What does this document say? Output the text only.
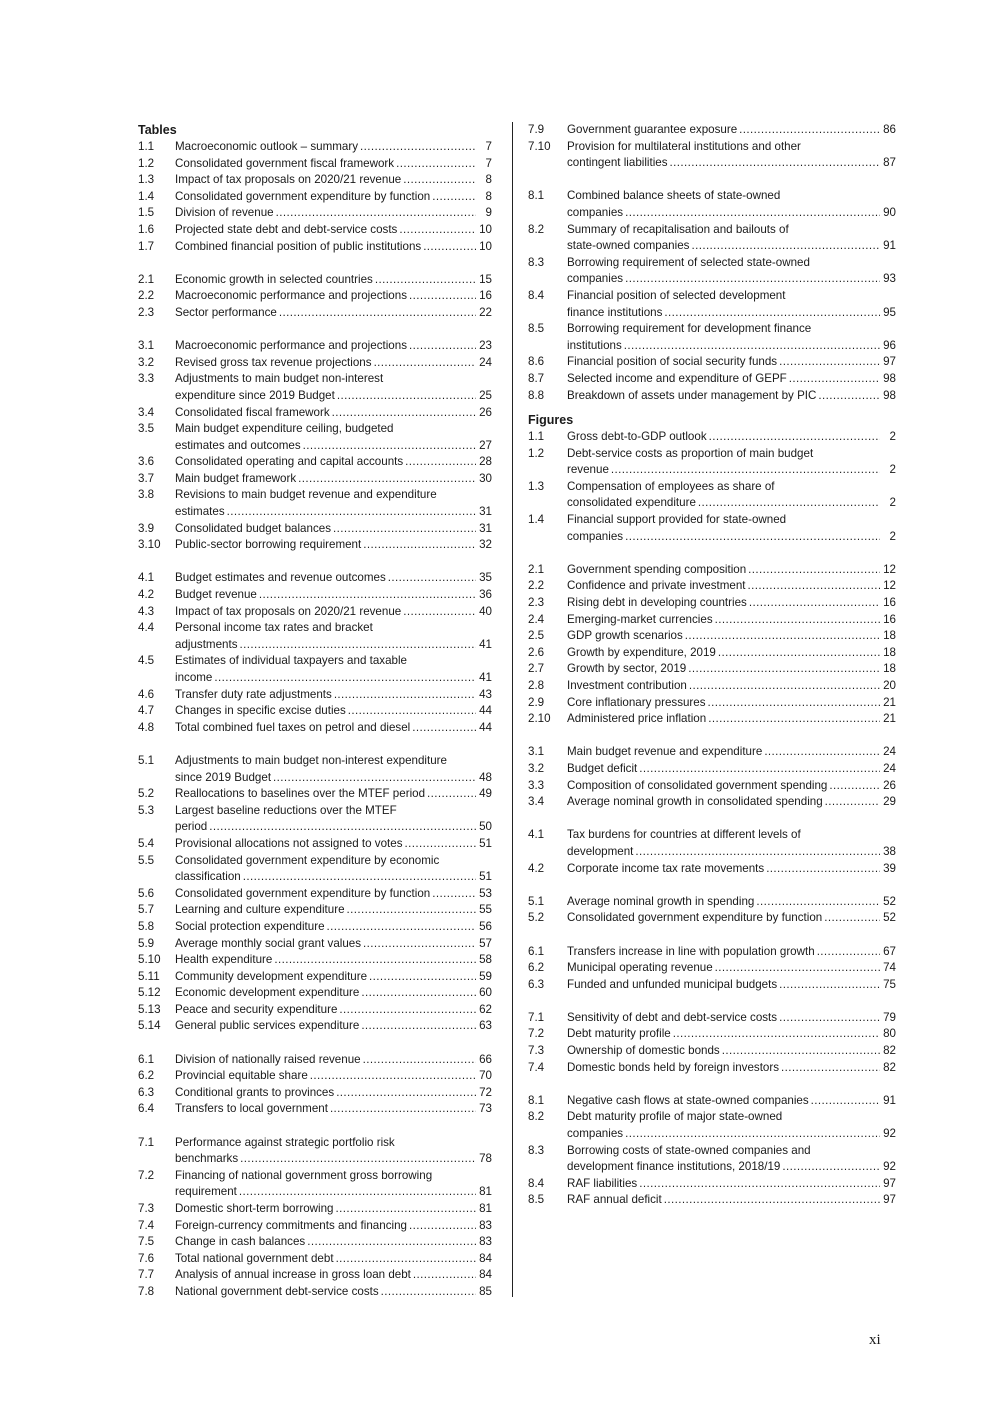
Tables
1.1	Macroeconomic outlook – summary .....	7
1.2	Consolidated government fiscal framework .....	7
1.3	Impact of tax proposals on 2020/21 revenue .....	8
1.4	Consolidated government expenditure by function .....	8
1.5	Division of revenue .....	9
1.6	Projected state debt and debt-service costs .....	10
1.7	Combined financial position of public institutions .....	10
2.1	Economic growth in selected countries .....	15
2.2	Macroeconomic performance and projections .....	16
2.3	Sector performance .....	22
3.1	Macroeconomic performance and projections .....	23
3.2	Revised gross tax revenue projections .....	24
3.3	Adjustments to main budget non-interest
expenditure since 2019 Budget .....	25
3.4	Consolidated fiscal framework .....	26
3.5	Main budget expenditure ceiling, budgeted
estimates and outcomes .....	27
3.6	Consolidated operating and capital accounts .....	28
3.7	Main budget framework .....	30
3.8	Revisions to main budget revenue and expenditure
estimates .....	31
3.9	Consolidated budget balances .....	31
3.10	Public-sector borrowing requirement .....	32
4.1	Budget estimates and revenue outcomes .....	35
4.2	Budget revenue .....	36
4.3	Impact of tax proposals on 2020/21 revenue .....	40
4.4	Personal income tax rates and bracket
adjustments .....	41
4.5	Estimates of individual taxpayers and taxable
income .....	41
4.6	Transfer duty rate adjustments .....	43
4.7	Changes in specific excise duties .....	44
4.8	Total combined fuel taxes on petrol and diesel .....	44
5.1	Adjustments to main budget non-interest expenditure
since 2019 Budget .....	48
5.2	Reallocations to baselines over the MTEF period .....	49
5.3	Largest baseline reductions over the MTEF
period .....	50
5.4	Provisional allocations not assigned to votes .....	51
5.5	Consolidated government expenditure by economic
classification .....	51
5.6	Consolidated government expenditure by function .....	53
5.7	Learning and culture expenditure .....	55
5.8	Social protection expenditure .....	56
5.9	Average monthly social grant values .....	57
5.10	Health expenditure .....	58
5.11	Community development expenditure .....	59
5.12	Economic development expenditure .....	60
5.13	Peace and security expenditure .....	62
5.14	General public services expenditure .....	63
6.1	Division of nationally raised revenue .....	66
6.2	Provincial equitable share .....	70
6.3	Conditional grants to provinces .....	72
6.4	Transfers to local government .....	73
7.1	Performance against strategic portfolio risk
benchmarks .....	78
7.2	Financing of national government gross borrowing
requirement .....	81
7.3	Domestic short-term borrowing .....	81
7.4	Foreign-currency commitments and financing .....	83
7.5	Change in cash balances .....	83
7.6	Total national government debt .....	84
7.7	Analysis of annual increase in gross loan debt .....	84
7.8	National government debt-service costs .....	85
7.9	Government guarantee exposure .....	86
7.10	Provision for multilateral institutions and other
contingent liabilities .....	87
8.1	Combined balance sheets of state-owned
companies .....	90
8.2	Summary of recapitalisation and bailouts of
state-owned companies .....	91
8.3	Borrowing requirement of selected state-owned
companies .....	93
8.4	Financial position of selected development
finance institutions .....	95
8.5	Borrowing requirement for development finance
institutions .....	96
8.6	Financial position of social security funds .....	97
8.7	Selected income and expenditure of GEPF .....	98
8.8	Breakdown of assets under management by PIC .....	98
Figures
1.1	Gross debt-to-GDP outlook .....	2
1.2	Debt-service costs as proportion of main budget
revenue .....	2
1.3	Compensation of employees as share of
consolidated expenditure .....	2
1.4	Financial support provided for state-owned
companies .....	2
2.1	Government spending composition .....	12
2.2	Confidence and private investment .....	12
2.3	Rising debt in developing countries .....	16
2.4	Emerging-market currencies .....	16
2.5	GDP growth scenarios .....	18
2.6	Growth by expenditure, 2019 .....	18
2.7	Growth by sector, 2019 .....	18
2.8	Investment contribution .....	20
2.9	Core inflationary pressures .....	21
2.10	Administered price inflation .....	21
3.1	Main budget revenue and expenditure .....	24
3.2	Budget deficit .....	24
3.3	Composition of consolidated government spending .....	26
3.4	Average nominal growth in consolidated spending .....	29
4.1	Tax burdens for countries at different levels of
development .....	38
4.2	Corporate income tax rate movements .....	39
5.1	Average nominal growth in spending .....	52
5.2	Consolidated government expenditure by function .....	52
6.1	Transfers increase in line with population growth .....	67
6.2	Municipal operating revenue .....	74
6.3	Funded and unfunded municipal budgets .....	75
7.1	Sensitivity of debt and debt-service costs .....	79
7.2	Debt maturity profile .....	80
7.3	Ownership of domestic bonds .....	82
7.4	Domestic bonds held by foreign investors .....	82
8.1	Negative cash flows at state-owned companies .....	91
8.2	Debt maturity profile of major state-owned
companies .....	92
8.3	Borrowing costs of state-owned companies and
development finance institutions, 2018/19 .....	92
8.4	RAF liabilities .....	97
8.5	RAF annual deficit .....	97
xi
